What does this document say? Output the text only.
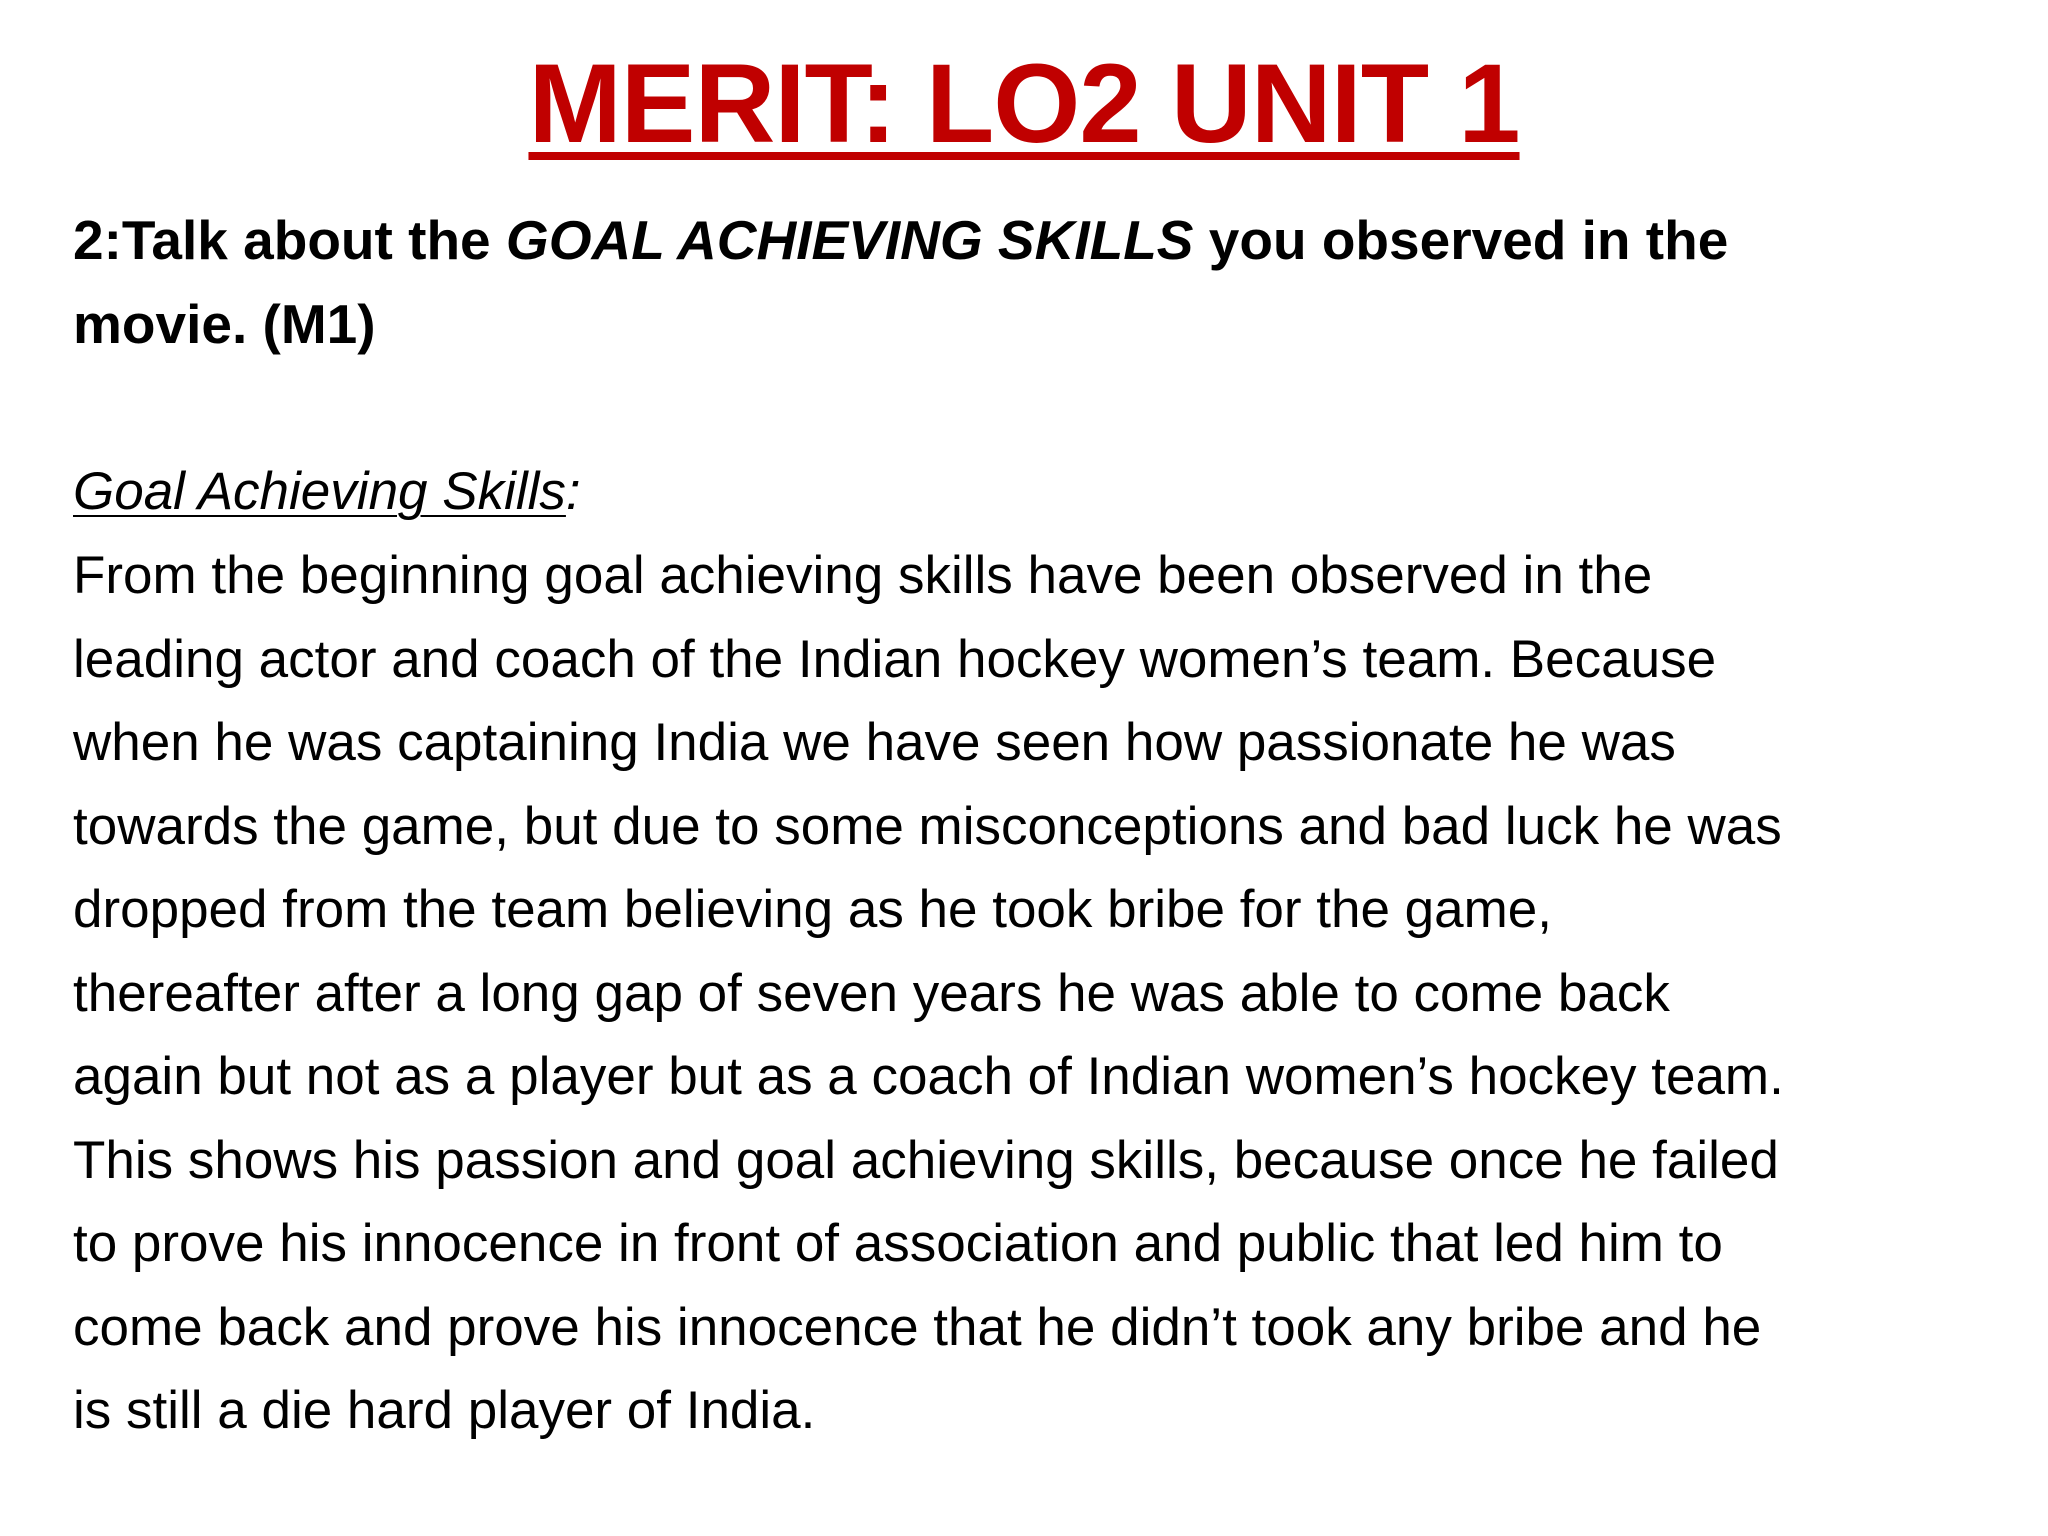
MERIT: LO2 UNIT 1

2:Talk about the GOAL ACHIEVING SKILLS you observed in the movie. (M1)

Goal Achieving Skills:

From the beginning goal achieving skills have been observed in the
leading actor and coach of the Indian hockey women’s team. Because
when he was captaining India we have seen how passionate he was
towards the game, but due to some misconceptions and bad luck he was
dropped from the team believing as he took bribe for the game,
thereafter after a long gap of seven years he was able to come back
again but not as a player but as a coach of Indian women’s hockey team.
This shows his passion and goal achieving skills, because once he failed
to prove his innocence in front of association and public that led him to
come back and prove his innocence that he didn’t took any bribe and he
is still a die hard player of India.
